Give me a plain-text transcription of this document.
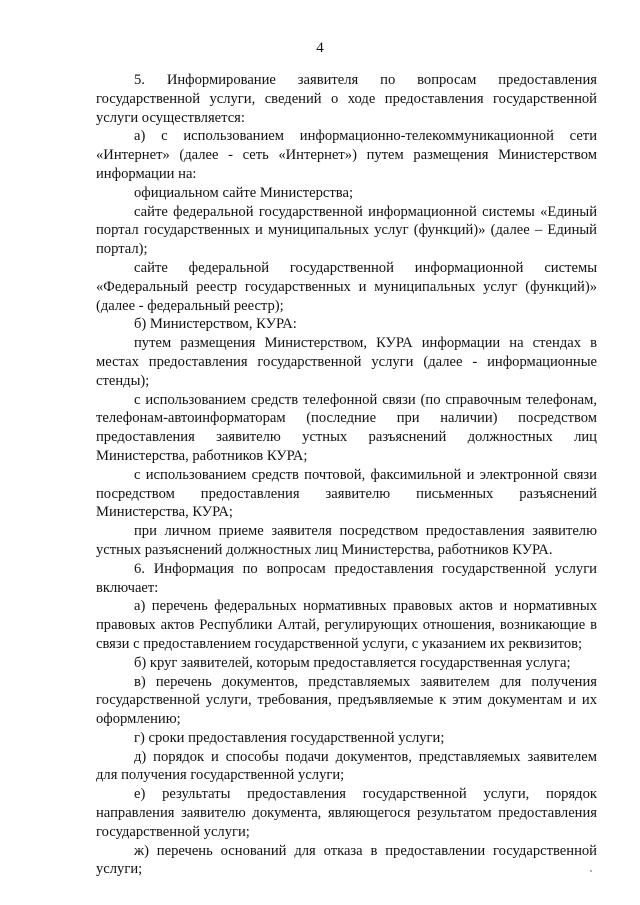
4

5. Информирование заявителя по вопросам предоставления государственной услуги, сведений о ходе предоставления государственной услуги осуществляется:

а) с использованием информационно-телекоммуникационной сети «Интернет» (далее - сеть «Интернет») путем размещения Министерством информации на:

официальном сайте Министерства;

сайте федеральной государственной информационной системы «Единый портал государственных и муниципальных услуг (функций)» (далее – Единый портал);

сайте федеральной государственной информационной системы «Федеральный реестр государственных и муниципальных услуг (функций)» (далее - федеральный реестр);

б) Министерством, КУРА:

путем размещения Министерством, КУРА информации на стендах в местах предоставления государственной услуги (далее - информационные стенды);

с использованием средств телефонной связи (по справочным телефонам, телефонам-автоинформаторам (последние при наличии) посредством предоставления заявителю устных разъяснений должностных лиц Министерства, работников КУРА;

с использованием средств почтовой, факсимильной и электронной связи посредством предоставления заявителю письменных разъяснений Министерства, КУРА;

при личном приеме заявителя посредством предоставления заявителю устных разъяснений должностных лиц Министерства, работников КУРА.

6. Информация по вопросам предоставления государственной услуги включает:

а) перечень федеральных нормативных правовых актов и нормативных правовых актов Республики Алтай, регулирующих отношения, возникающие в связи с предоставлением государственной услуги, с указанием их реквизитов;

б) круг заявителей, которым предоставляется государственная услуга;

в) перечень документов, представляемых заявителем для получения государственной услуги, требования, предъявляемые к этим документам и их оформлению;

г) сроки предоставления государственной услуги;

д) порядок и способы подачи документов, представляемых заявителем для получения государственной услуги;

е) результаты предоставления государственной услуги, порядок направления заявителю документа, являющегося результатом предоставления государственной услуги;

ж) перечень оснований для отказа в предоставлении государственной услуги;
